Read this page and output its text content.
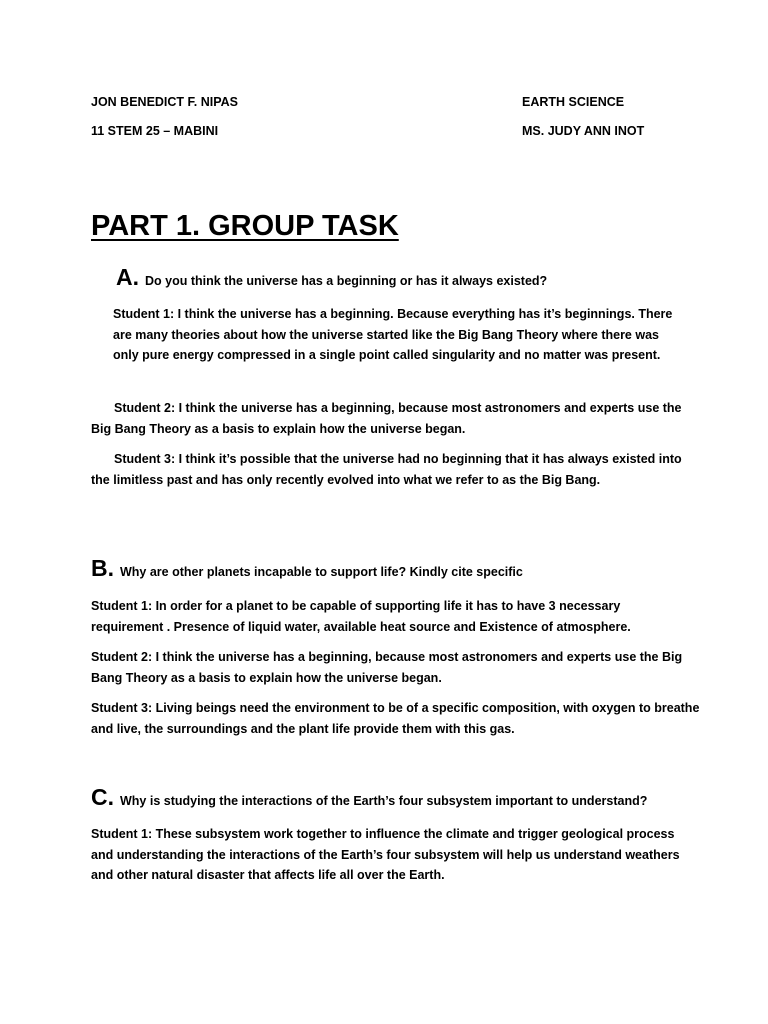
JON BENEDICT F. NIPAS
11 STEM 25 – MABINI
EARTH SCIENCE
MS. JUDY ANN INOT
PART 1. GROUP TASK
A. Do you think the universe has a beginning or has it always existed?

Student 1: I think the universe has a beginning. Because everything has it’s beginnings. There are many theories about how the universe started like the Big Bang Theory where there was only pure energy compressed in a single point called singularity and no matter was present.

Student 2: I think the universe has a beginning, because most astronomers and experts use the Big Bang Theory as a basis to explain how the universe began.

Student 3: I think it’s possible that the universe had no beginning that it has always existed into the limitless past and has only recently evolved into what we refer to as the Big Bang.

B. Why are other planets incapable to support life? Kindly cite specific

Student 1: In order for a planet to be capable of supporting life it has to have 3 necessary requirement . Presence of liquid water, available heat source and Existence of atmosphere.

Student 2: I think the universe has a beginning, because most astronomers and experts use the Big Bang Theory as a basis to explain how the universe began.

Student 3: Living beings need the environment to be of a specific composition, with oxygen to breathe and live, the surroundings and the plant life provide them with this gas.

C. Why is studying the interactions of the Earth’s four subsystem important to understand?

Student 1: These subsystem work together to influence the climate and trigger geological process and understanding the interactions of the Earth’s four subsystem will help us understand weathers and other natural disaster that affects life all over the Earth.
